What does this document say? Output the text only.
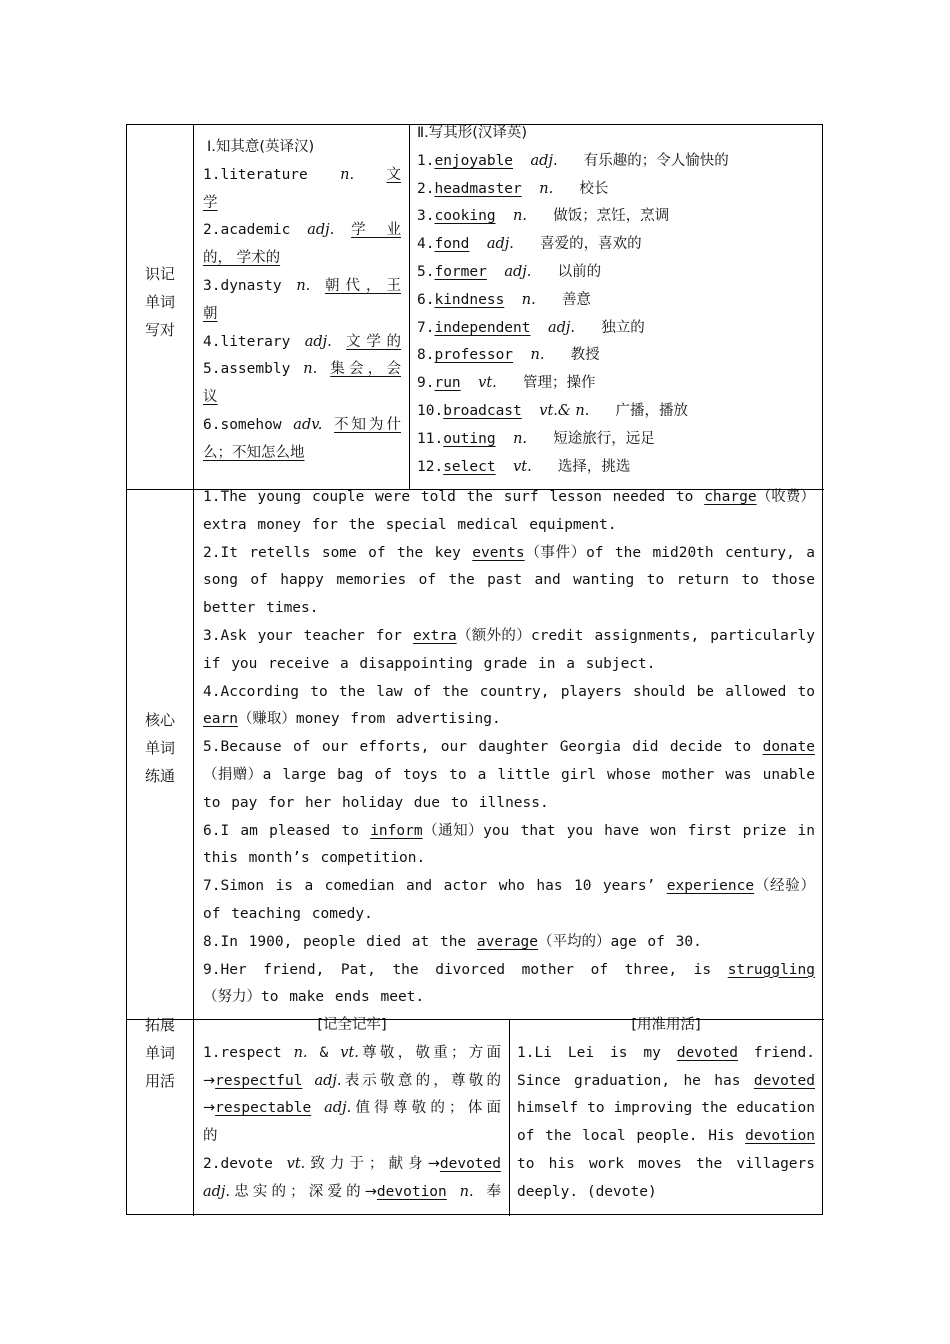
识记
单词
写对
Ⅰ.知其意(英译汉)
1.literature n. 文
学
2.academic adj. 学 业
的， 学术的
3.dynasty n. 朝代，王
朝
4.literary adj. 文学的
5.assembly n. 集会，会
议
6.somehow adv. 不知为什
么；不知怎么地
Ⅱ.写其形(汉译英)
1.enjoyable adj. 有乐趣的；令人愉快的
2.headmaster n. 校长
3.cooking n. 做饭；烹饪，烹调
4.fond adj. 喜爱的，喜欢的
5.former adj. 以前的
6.kindness n. 善意
7.independent adj. 独立的
8.professor n. 教授
9.run vt. 管理；操作
10.broadcast vt.& n. 广播，播放
11.outing n. 短途旅行，远足
12.select vt. 选择，挑选
核心
单词
练通
1.The young couple were told the surf lesson needed to charge（收费）extra money for the special medical equipment.
2.It retells some of the key events（事件）of the mid20th century, a song of happy memories of the past and wanting to return to those better times.
3.Ask your teacher for extra（额外的）credit assignments, particularly if you receive a disappointing grade in a subject.
4.According to the law of the country, players should be allowed to earn（赚取）money from advertising.
5.Because of our efforts, our daughter Georgia did decide to donate（捐赠）a large bag of toys to a little girl whose mother was unable to pay for her holiday due to illness.
6.I am pleased to inform（通知）you that you have won first prize in this month’s competition.
7.Simon is a comedian and actor who has 10 years’ experience（经验）of teaching comedy.
8.In 1900, people died at the average（平均的）age of 30.
9.Her friend, Pat, the divorced mother of three, is struggling（努力）to make ends meet.
拓展
单词
用活
[记全记牢]
1.respect n. & vt.尊敬，敬重；方面
→respectful adj.表示敬意的，尊敬的
→respectable adj.值得尊敬的；体面
的
2.devote vt.致力于；献身→devoted
adj.忠实的；深爱的→devotion n. 奉
[用准用活]
1.Li Lei is my devoted friend.
Since graduation, he has devoted
himself to improving the education
of the local people. His devotion
to his work moves the villagers
deeply. (devote)
